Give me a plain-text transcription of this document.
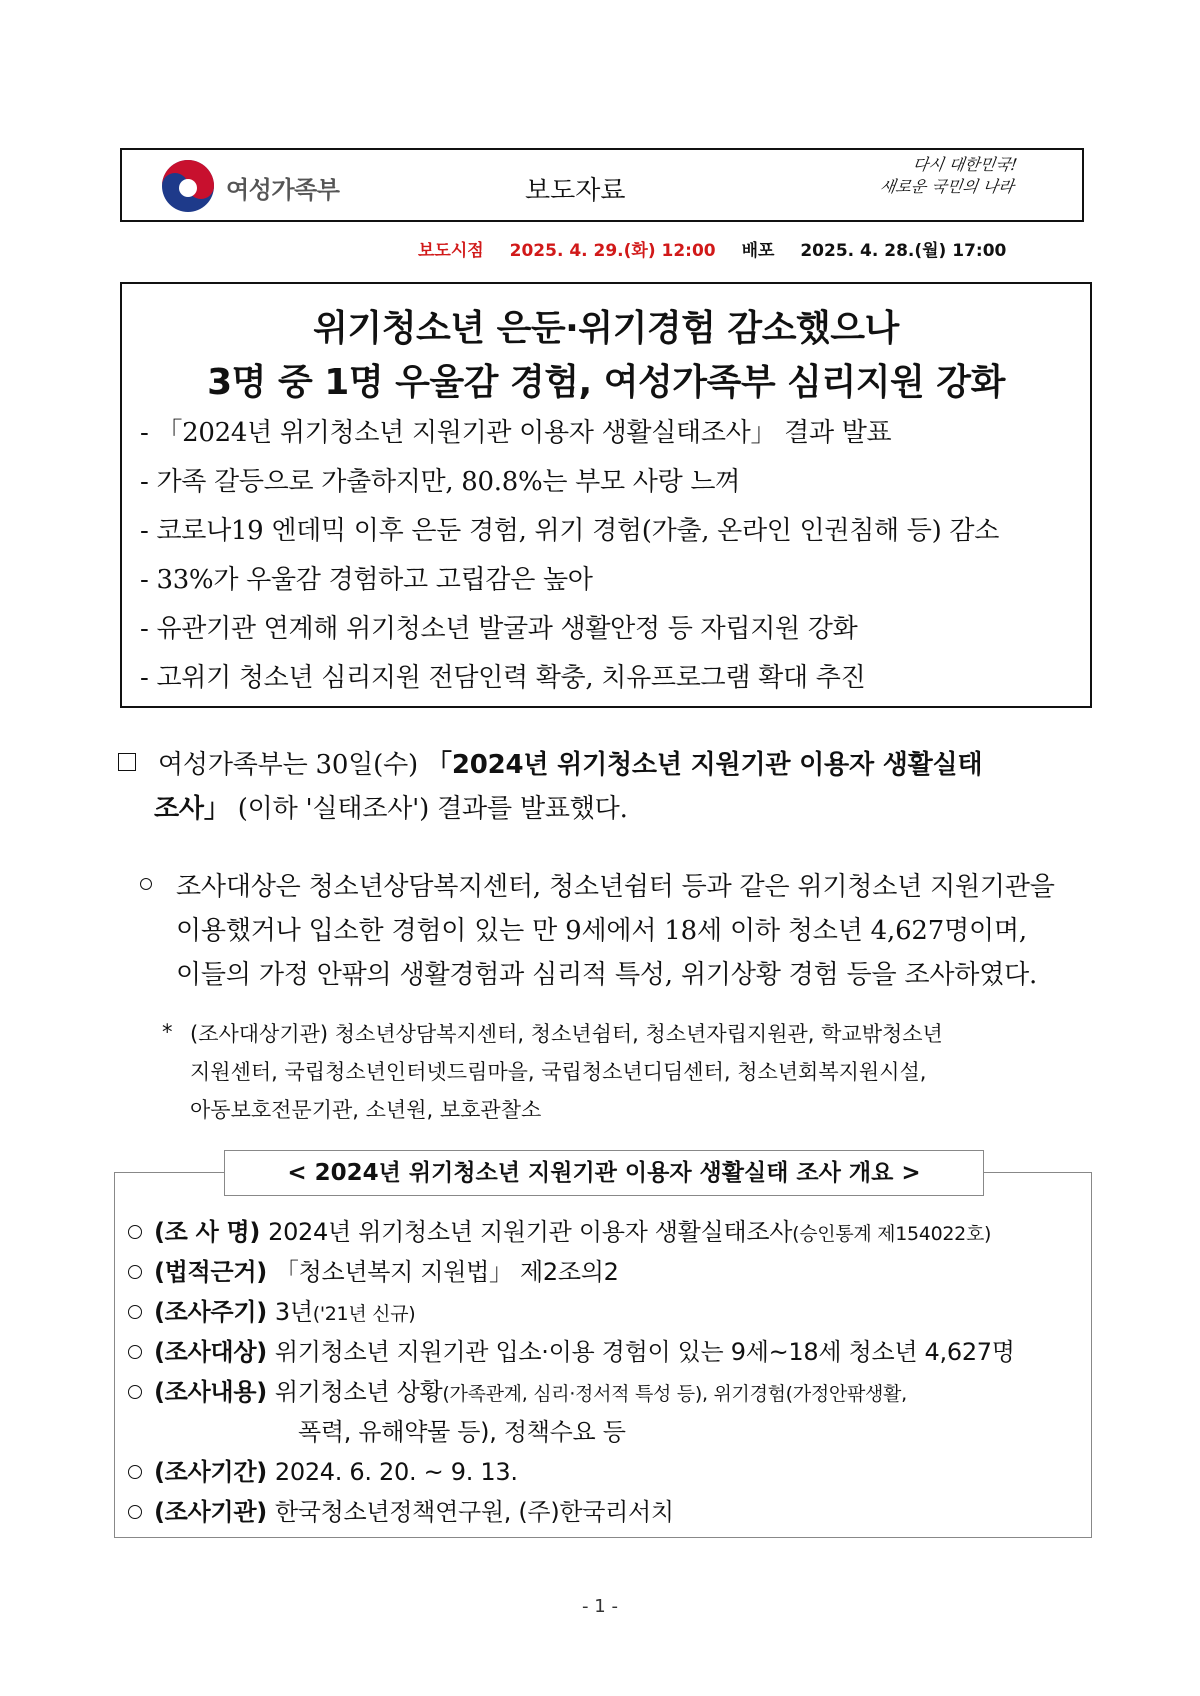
여성가족부	보도자료
다시 대한민국!
새로운 국민의 나라
보도시점 2025. 4. 29.(화) 12:00 배포 2025. 4. 28.(월) 17:00
위기청소년 은둔·위기경험 감소했으나
3명 중 1명 우울감 경험, 여성가족부 심리지원 강화
- 「2024년 위기청소년 지원기관 이용자 생활실태조사」 결과 발표
- 가족 갈등으로 가출하지만, 80.8%는 부모 사랑 느껴
- 코로나19 엔데믹 이후 은둔 경험, 위기 경험(가출, 온라인 인권침해 등) 감소
- 33%가 우울감 경험하고 고립감은 높아
- 유관기관 연계해 위기청소년 발굴과 생활안정 등 자립지원 강화
- 고위기 청소년 심리지원 전담인력 확충, 치유프로그램 확대 추진
여성가족부는 30일(수) 「2024년 위기청소년 지원기관 이용자 생활실태
조사」 (이하 '실태조사') 결과를 발표했다.
조사대상은 청소년상담복지센터, 청소년쉼터 등과 같은 위기청소년 지원기관을
이용했거나 입소한 경험이 있는 만 9세에서 18세 이하 청소년 4,627명이며,
이들의 가정 안팎의 생활경험과 심리적 특성, 위기상황 경험 등을 조사하였다.
* (조사대상기관) 청소년상담복지센터, 청소년쉼터, 청소년자립지원관, 학교밖청소년
지원센터, 국립청소년인터넷드림마을, 국립청소년디딤센터, 청소년회복지원시설,
아동보호전문기관, 소년원, 보호관찰소
< 2024년 위기청소년 지원기관 이용자 생활실태 조사 개요 >
(조 사 명) 2024년 위기청소년 지원기관 이용자 생활실태조사(승인통계 제154022호)
(법적근거) 「청소년복지 지원법」 제2조의2
(조사주기) 3년('21년 신규)
(조사대상) 위기청소년 지원기관 입소·이용 경험이 있는 9세~18세 청소년 4,627명
(조사내용) 위기청소년 상황(가족관계, 심리·정서적 특성 등), 위기경험(가정안팎생활,
폭력, 유해약물 등), 정책수요 등
(조사기간) 2024. 6. 20. ~ 9. 13.
(조사기관) 한국청소년정책연구원, (주)한국리서치
- 1 -
